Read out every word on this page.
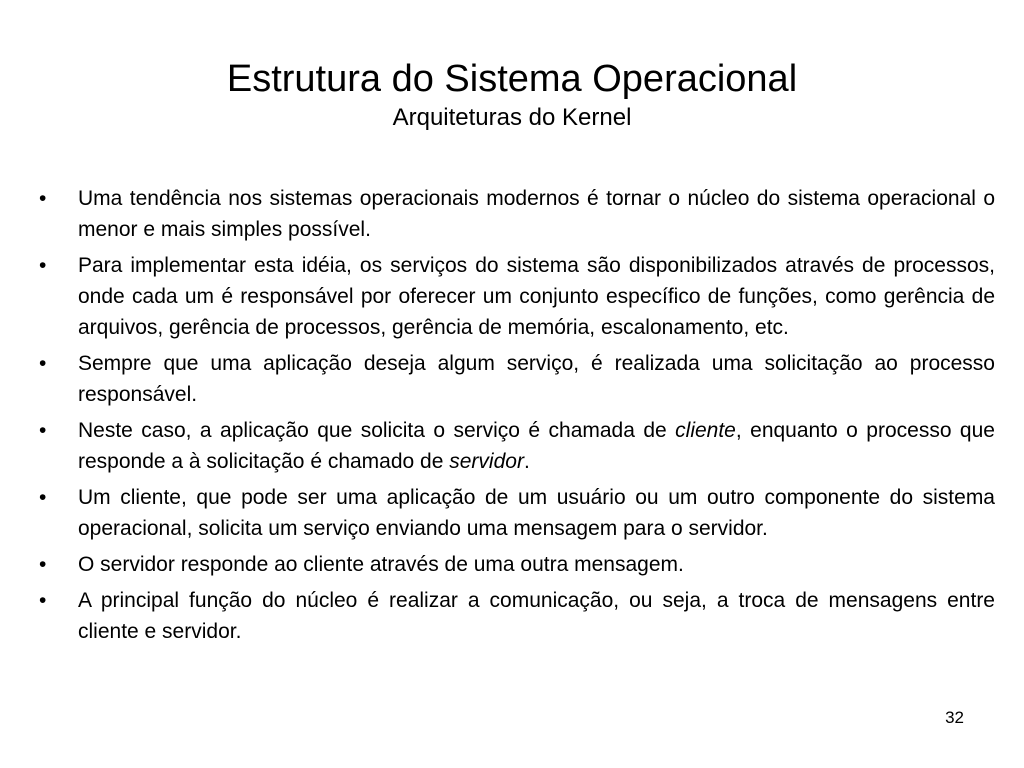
Estrutura do Sistema Operacional
Arquiteturas do Kernel
• Uma tendência nos sistemas operacionais modernos é tornar o núcleo do sistema operacional o menor e mais simples possível.
• Para implementar esta idéia, os serviços do sistema são disponibilizados através de processos, onde cada um é responsável por oferecer um conjunto específico de funções, como gerência de arquivos, gerência de processos, gerência de memória, escalonamento, etc.
• Sempre que uma aplicação deseja algum serviço, é realizada uma solicitação ao processo responsável.
• Neste caso, a aplicação que solicita o serviço é chamada de cliente, enquanto o processo que responde a à solicitação é chamado de servidor.
• Um cliente, que pode ser uma aplicação de um usuário ou um outro componente do sistema operacional, solicita um serviço enviando uma mensagem para o servidor.
• O servidor responde ao cliente através de uma outra mensagem.
• A principal função do núcleo é realizar a comunicação, ou seja, a troca de mensagens entre cliente e servidor.
32
